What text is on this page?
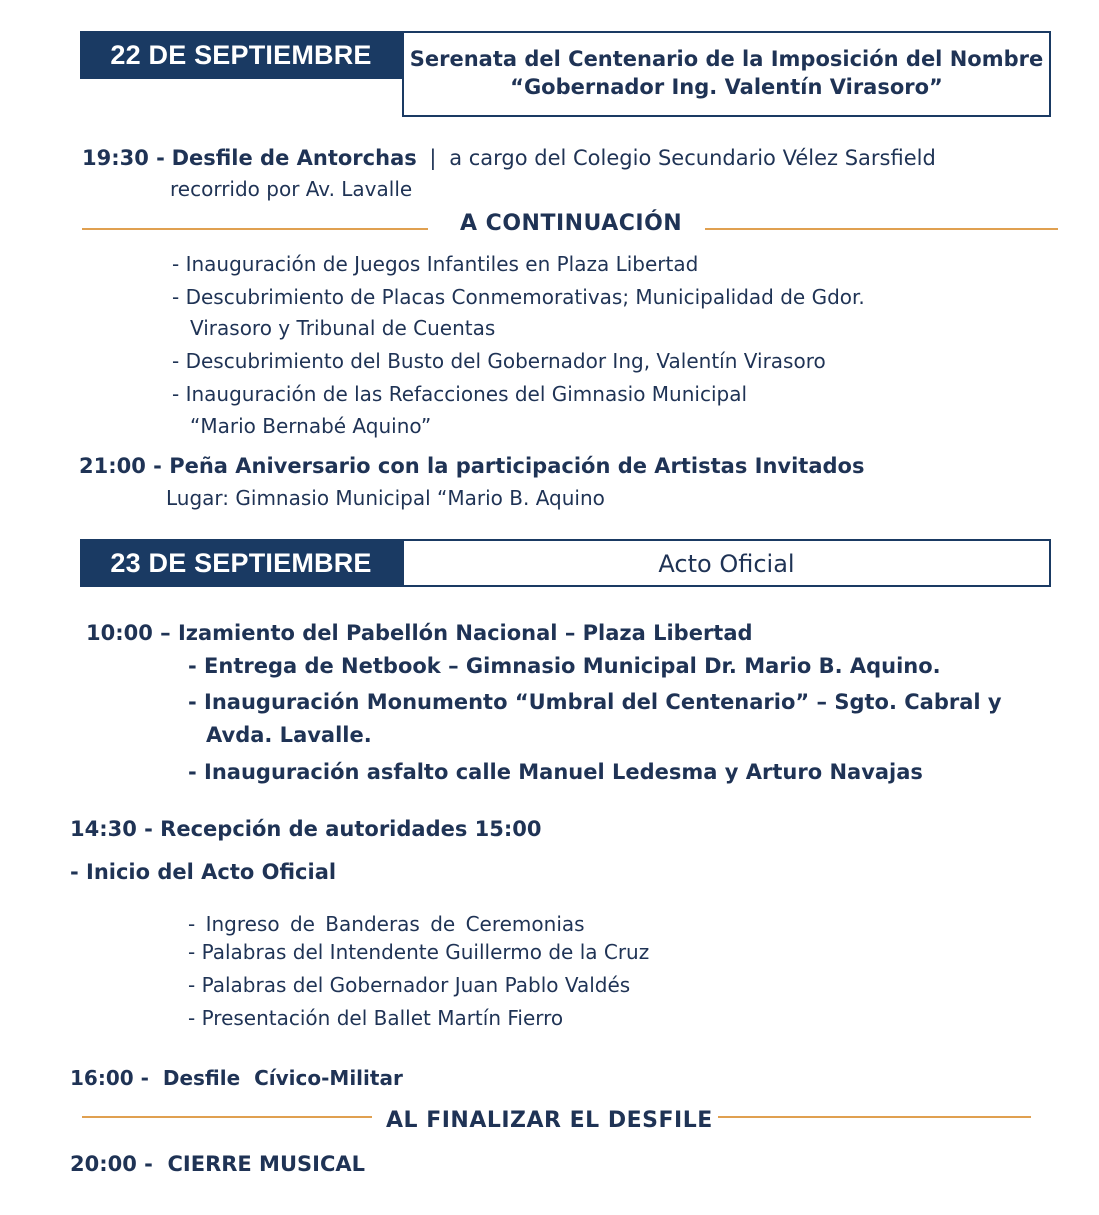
22 DE SEPTIEMBRE Serenata del Centenario de la Imposición del Nombre
“Gobernador Ing. Valentín Virasoro”
19:30 - Desfile de Antorchas | a cargo del Colegio Secundario Vélez Sarsfield
recorrido por Av. Lavalle
A CONTINUACIÓN
- Inauguración de Juegos Infantiles en Plaza Libertad
- Descubrimiento de Placas Conmemorativas; Municipalidad de Gdor.
Virasoro y Tribunal de Cuentas
- Descubrimiento del Busto del Gobernador Ing, Valentín Virasoro
- Inauguración de las Refacciones del Gimnasio Municipal
“Mario Bernabé Aquino”
21:00 - Peña Aniversario con la participación de Artistas Invitados
Lugar: Gimnasio Municipal “Mario B. Aquino
23 DE SEPTIEMBRE	Acto Oficial
10:00 – Izamiento del Pabellón Nacional – Plaza Libertad
- Entrega de Netbook – Gimnasio Municipal Dr. Mario B. Aquino.
- Inauguración Monumento “Umbral del Centenario” – Sgto. Cabral y
Avda. Lavalle.
- Inauguración asfalto calle Manuel Ledesma y Arturo Navajas
14:30 - Recepción de autoridades 15:00
- Inicio del Acto Oficial
- Ingreso de Banderas de Ceremonias
- Palabras del Intendente Guillermo de la Cruz
- Palabras del Gobernador Juan Pablo Valdés
- Presentación del Ballet Martín Fierro
16:00 -  Desfile  Cívico-Militar
AL FINALIZAR EL DESFILE
20:00 -  CIERRE MUSICAL
